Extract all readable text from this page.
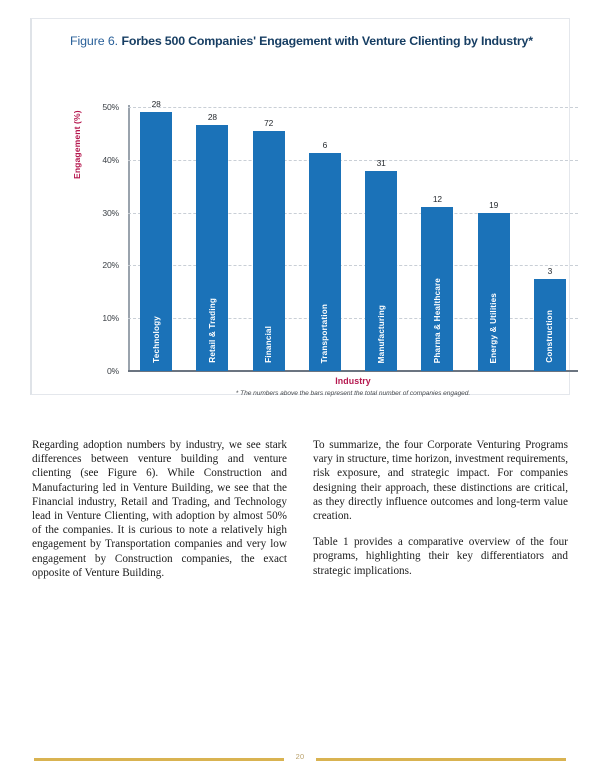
Figure 6. Forbes 500 Companies' Engagement with Venture Clienting by Industry*
Engagement (%)
0%
10%
20%
30%
40%
50%	28
Technology
28
Retail & Trading
72
Financial
6
Transportation
31
Manufacturing
12
Pharma & Healthcare
19
Energy & Utilities
3
Construction
Industry
* The numbers above the bars represent the total number of companies engaged.

Regarding adoption numbers by industry, we see stark differences between venture building and venture clienting (see Figure 6). While Construction and Manufacturing led in Venture Building, we see that the Financial industry, Retail and Trading, and Technology lead in Venture Clienting, with adoption by almost 50% of the companies. It is curious to note a relatively high engagement by Transportation companies and very low engagement by Construction companies, the exact opposite of Venture Building.

To summarize, the four Corporate Venturing Programs vary in structure, time horizon, investment requirements, risk exposure, and strategic impact. For companies designing their approach, these distinctions are critical, as they directly influence outcomes and long-term value creation.

Table 1 provides a comparative overview of the four programs, highlighting their key differentiators and strategic implications.

20
